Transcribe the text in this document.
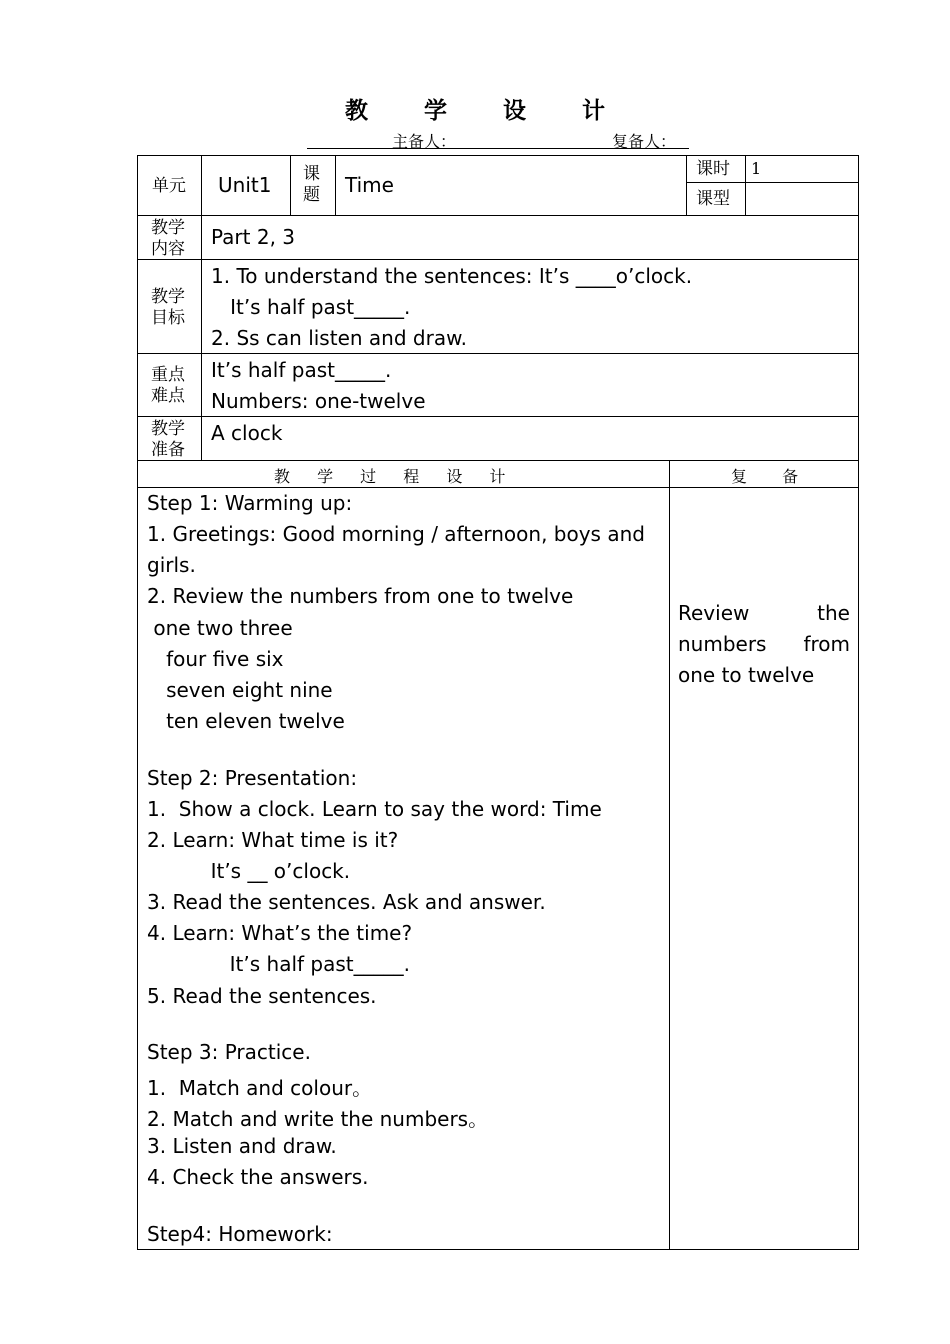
教 学 设 计
主备人：	复备人：
单元 Unit1 课
题 Time
课时 1
课型
教学
内容 Part 2, 3
教学
目标
1. To understand the sentences: It’s ____o’clock.
It’s half past_____.
2. Ss can listen and draw.
重点
难点
It’s half past_____.
Numbers: one-twelve
教学
准备
A clock
教 学 过 程 设 计	复 备
Step 1: Warming up:
1. Greetings: Good morning / afternoon, boys and
girls.
2. Review the numbers from one to twelve
one two three
four five six
seven eight nine
ten eleven twelve
Step 2: Presentation:
1.  Show a clock. Learn to say the word: Time
2. Learn: What time is it?
It’s __ o’clock.
3. Read the sentences. Ask and answer.
4. Learn: What’s the time?
It’s half past_____.
5. Read the sentences.
Step 3: Practice.
1.  Match and colour。
2. Match and write the numbers。
3. Listen and draw.
4. Check the answers.
Step4: Homework:
Review the numbers from one to twelve
